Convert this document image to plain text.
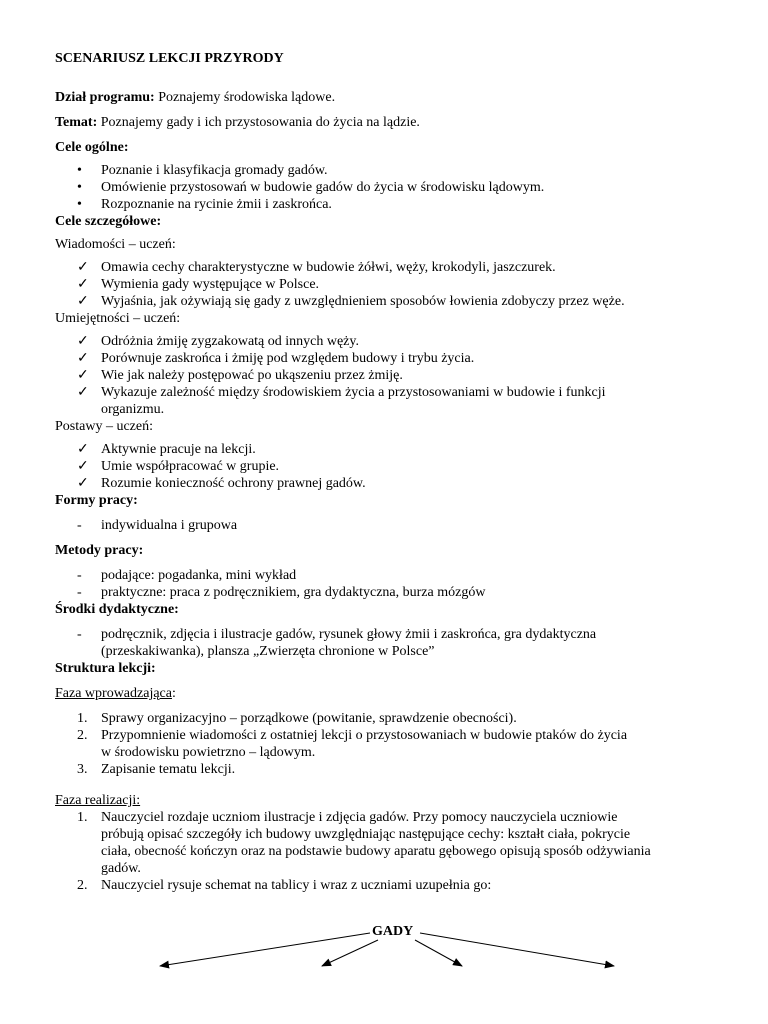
SCENARIUSZ LEKCJI PRZYRODY
Dział programu: Poznajemy środowiska lądowe.
Temat: Poznajemy gady i ich przystosowania do życia na lądzie.
Cele ogólne:
•	Poznanie i klasyfikacja gromady gadów.
•	Omówienie przystosowań w budowie gadów do życia w środowisku lądowym.
•	Rozpoznanie na rycinie żmii i zaskrońca.
Cele szczegółowe:
Wiadomości – uczeń:
✓ Omawia cechy charakterystyczne w budowie żółwi, węży, krokodyli, jaszczurek.
✓ Wymienia gady występujące w Polsce.
✓ Wyjaśnia, jak ożywiają się gady z uwzględnieniem sposobów łowienia zdobyczy przez węże.
Umiejętności – uczeń:
✓ Odróżnia żmiję zygzakowatą od innych węży.
✓ Porównuje zaskrońca i żmiję pod względem budowy i trybu życia.
✓ Wie jak należy postępować po ukąszeniu przez żmiję.
✓ Wykazuje zależność między środowiskiem życia a przystosowaniami w budowie i funkcji
organizmu.
Postawy – uczeń:
✓ Aktywnie pracuje na lekcji.
✓ Umie współpracować w grupie.
✓ Rozumie konieczność ochrony prawnej gadów.
Formy pracy:
-	indywidualna i grupowa
Metody pracy:
-	podające: pogadanka, mini wykład
-	praktyczne: praca z podręcznikiem, gra dydaktyczna, burza mózgów
Środki dydaktyczne:
-	podręcznik, zdjęcia i ilustracje gadów, rysunek głowy żmii i zaskrońca, gra dydaktyczna
(przeskakiwanka), plansza „Zwierzęta chronione w Polsce”
Struktura lekcji:
Faza wprowadzająca:
1. Sprawy organizacyjno – porządkowe (powitanie, sprawdzenie obecności).
2. Przypomnienie wiadomości z ostatniej lekcji o przystosowaniach w budowie ptaków do życia
w środowisku powietrzno – lądowym.
3. Zapisanie tematu lekcji.
Faza realizacji:
1. Nauczyciel rozdaje uczniom ilustracje i zdjęcia gadów. Przy pomocy nauczyciela uczniowie
próbują opisać szczegóły ich budowy uwzględniając następujące cechy: kształt ciała, pokrycie
ciała, obecność kończyn oraz na podstawie budowy aparatu gębowego opisują sposób odżywiania
gadów.
2. Nauczyciel rysuje schemat na tablicy i wraz z uczniami uzupełnia go:
GADY
